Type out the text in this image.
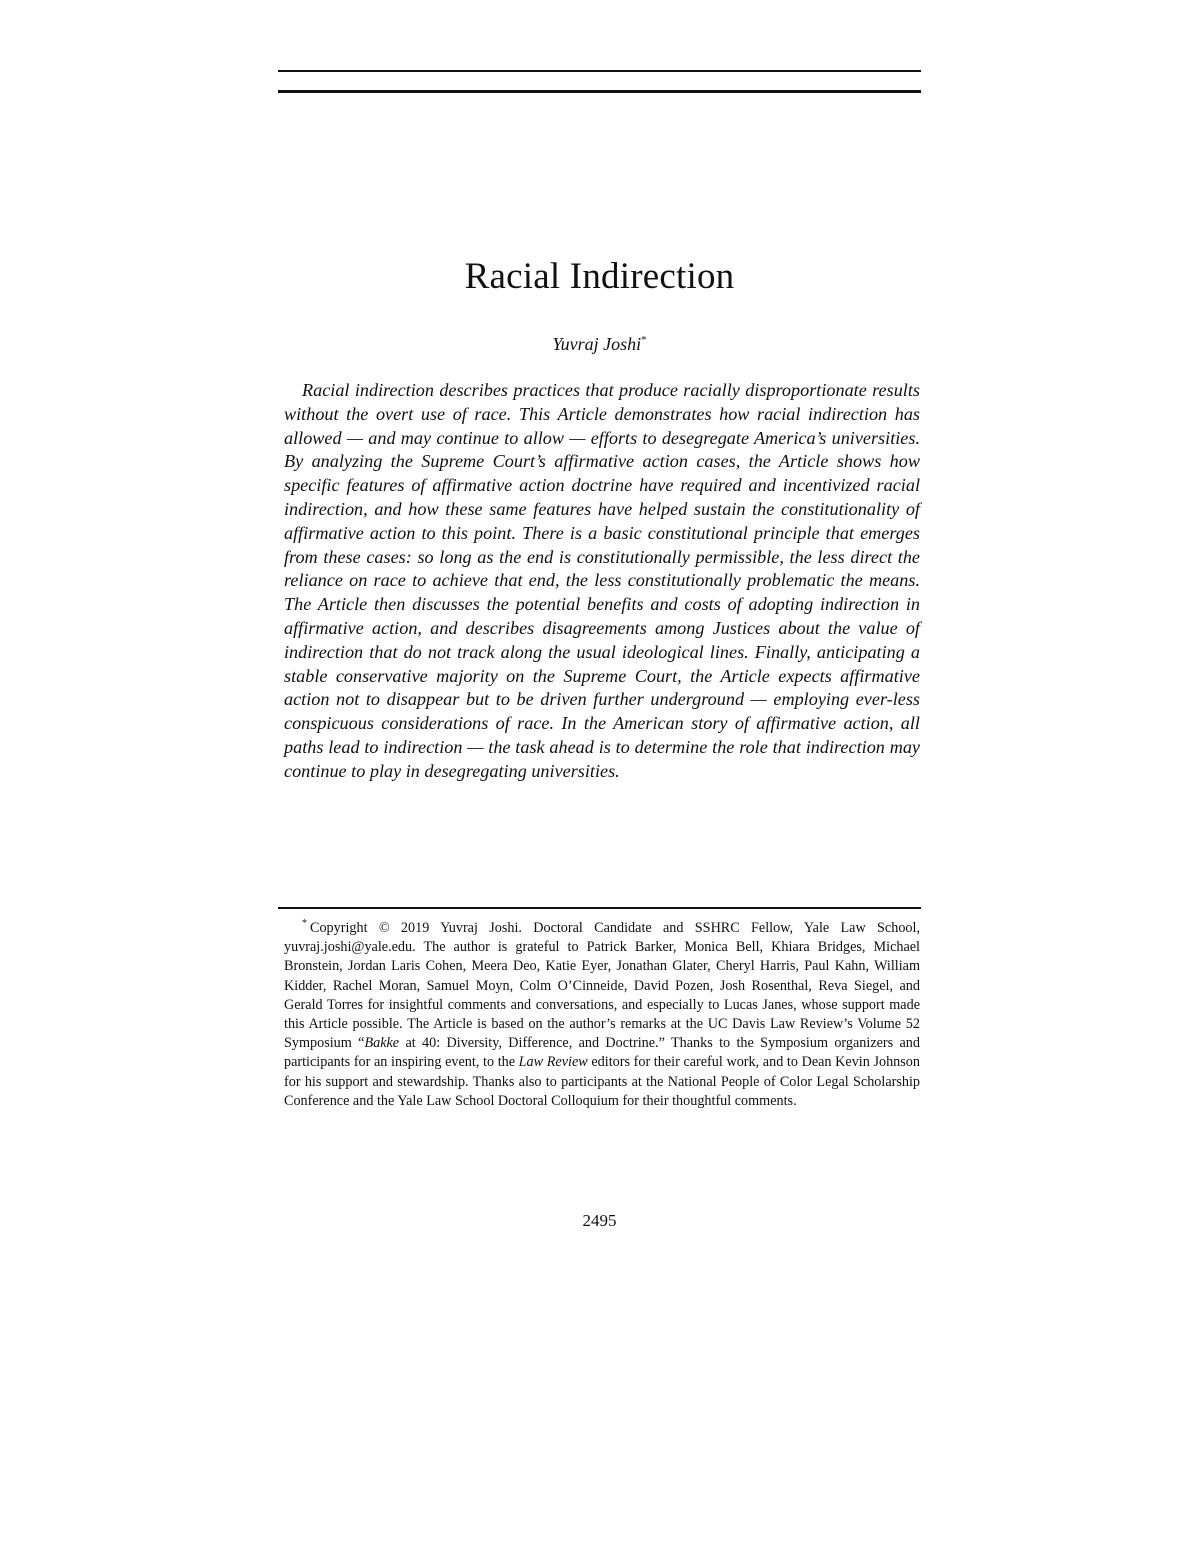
Racial Indirection
Yuvraj Joshi*

Racial indirection describes practices that produce racially disproportionate results without the overt use of race. This Article demonstrates how racial indirection has allowed — and may continue to allow — efforts to desegregate America’s universities. By analyzing the Supreme Court’s affirmative action cases, the Article shows how specific features of affirmative action doctrine have required and incentivized racial indirection, and how these same features have helped sustain the constitutionality of affirmative action to this point. There is a basic constitutional principle that emerges from these cases: so long as the end is constitutionally permissible, the less direct the reliance on race to achieve that end, the less constitutionally problematic the means. The Article then discusses the potential benefits and costs of adopting indirection in affirmative action, and describes disagreements among Justices about the value of indirection that do not track along the usual ideological lines. Finally, anticipating a stable conservative majority on the Supreme Court, the Article expects affirmative action not to disappear but to be driven further underground — employing ever-less conspicuous considerations of race. In the American story of affirmative action, all paths lead to indirection — the task ahead is to determine the role that indirection may continue to play in desegregating universities.

* Copyright © 2019 Yuvraj Joshi. Doctoral Candidate and SSHRC Fellow, Yale Law School, yuvraj.joshi@yale.edu. The author is grateful to Patrick Barker, Monica Bell, Khiara Bridges, Michael Bronstein, Jordan Laris Cohen, Meera Deo, Katie Eyer, Jonathan Glater, Cheryl Harris, Paul Kahn, William Kidder, Rachel Moran, Samuel Moyn, Colm O’Cinneide, David Pozen, Josh Rosenthal, Reva Siegel, and Gerald Torres for insightful comments and conversations, and especially to Lucas Janes, whose support made this Article possible. The Article is based on the author’s remarks at the UC Davis Law Review’s Volume 52 Symposium “Bakke at 40: Diversity, Difference, and Doctrine.” Thanks to the Symposium organizers and participants for an inspiring event, to the Law Review editors for their careful work, and to Dean Kevin Johnson for his support and stewardship. Thanks also to participants at the National People of Color Legal Scholarship Conference and the Yale Law School Doctoral Colloquium for their thoughtful comments.

2495
